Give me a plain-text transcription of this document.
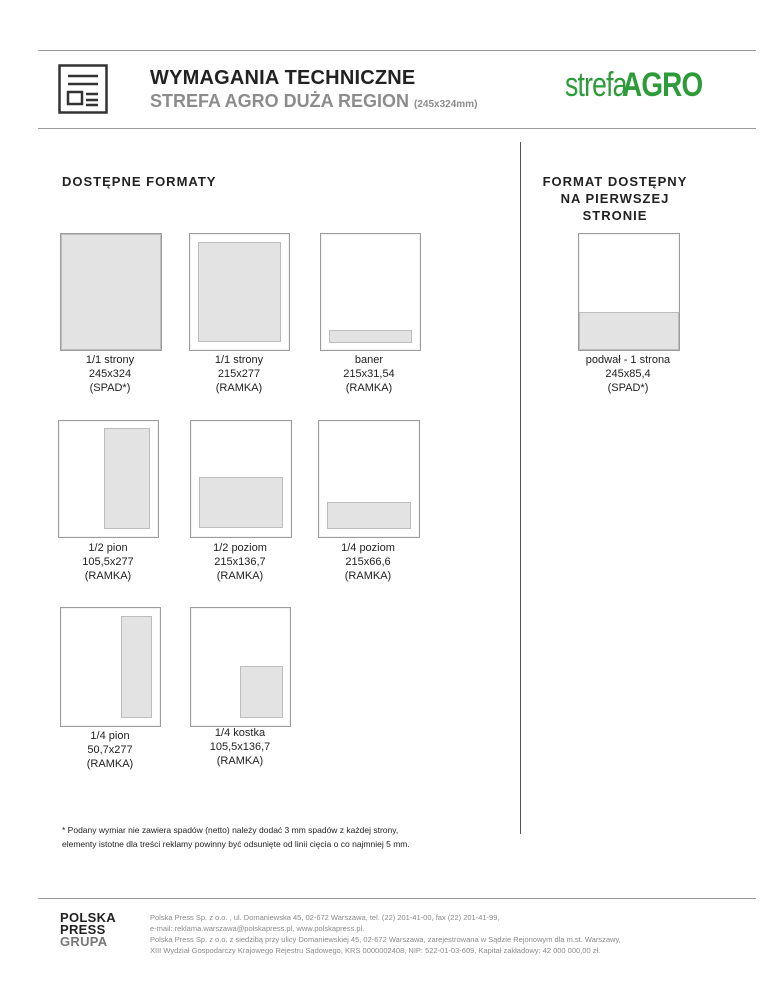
WYMAGANIA TECHNICZNE
STREFA AGRO DUŻA REGION (245x324mm)
strefaAGRO
DOSTĘPNE FORMATY	FORMAT DOSTĘPNY
NA PIERWSZEJ
STRONIE
1/1 strony
245x324
(SPAD*)
1/1 strony
215x277
(RAMKA)
baner
215x31,54
(RAMKA)
podwał - 1 strona
245x85,4
(SPAD*)
1/2 pion
105,5x277
(RAMKA)
1/2 poziom
215x136,7
(RAMKA)
1/4 poziom
215x66,6
(RAMKA)
1/4 pion
50,7x277
(RAMKA)
1/4 kostka
105,5x136,7
(RAMKA)
* Podany wymiar nie zawiera spadów (netto) należy dodać 3 mm spadów z każdej strony,
elementy istotne dla treści reklamy powinny być odsunięte od linii cięcia o co najmniej 5 mm.
POLSKA
PRESS
GRUPA
Polska Press Sp. z o.o. , ul. Domaniewska 45, 02-672 Warszawa, tel. (22) 201-41-00, fax (22) 201-41-99,
e-mail: reklama.warszawa@polskapress.pl, www.polskapress.pl.
Polska Press Sp. z o.o. z siedzibą przy ulicy Domaniewskiej 45, 02-672 Warszawa, zarejestrowana w Sądzie Rejonowym dla m.st. Warszawy,
XIII Wydział Gospodarczy Krajowego Rejestru Sądowego, KRS 0000002408, NIP: 522-01-03-609, Kapitał zakładowy: 42 000 000,00 zł.
